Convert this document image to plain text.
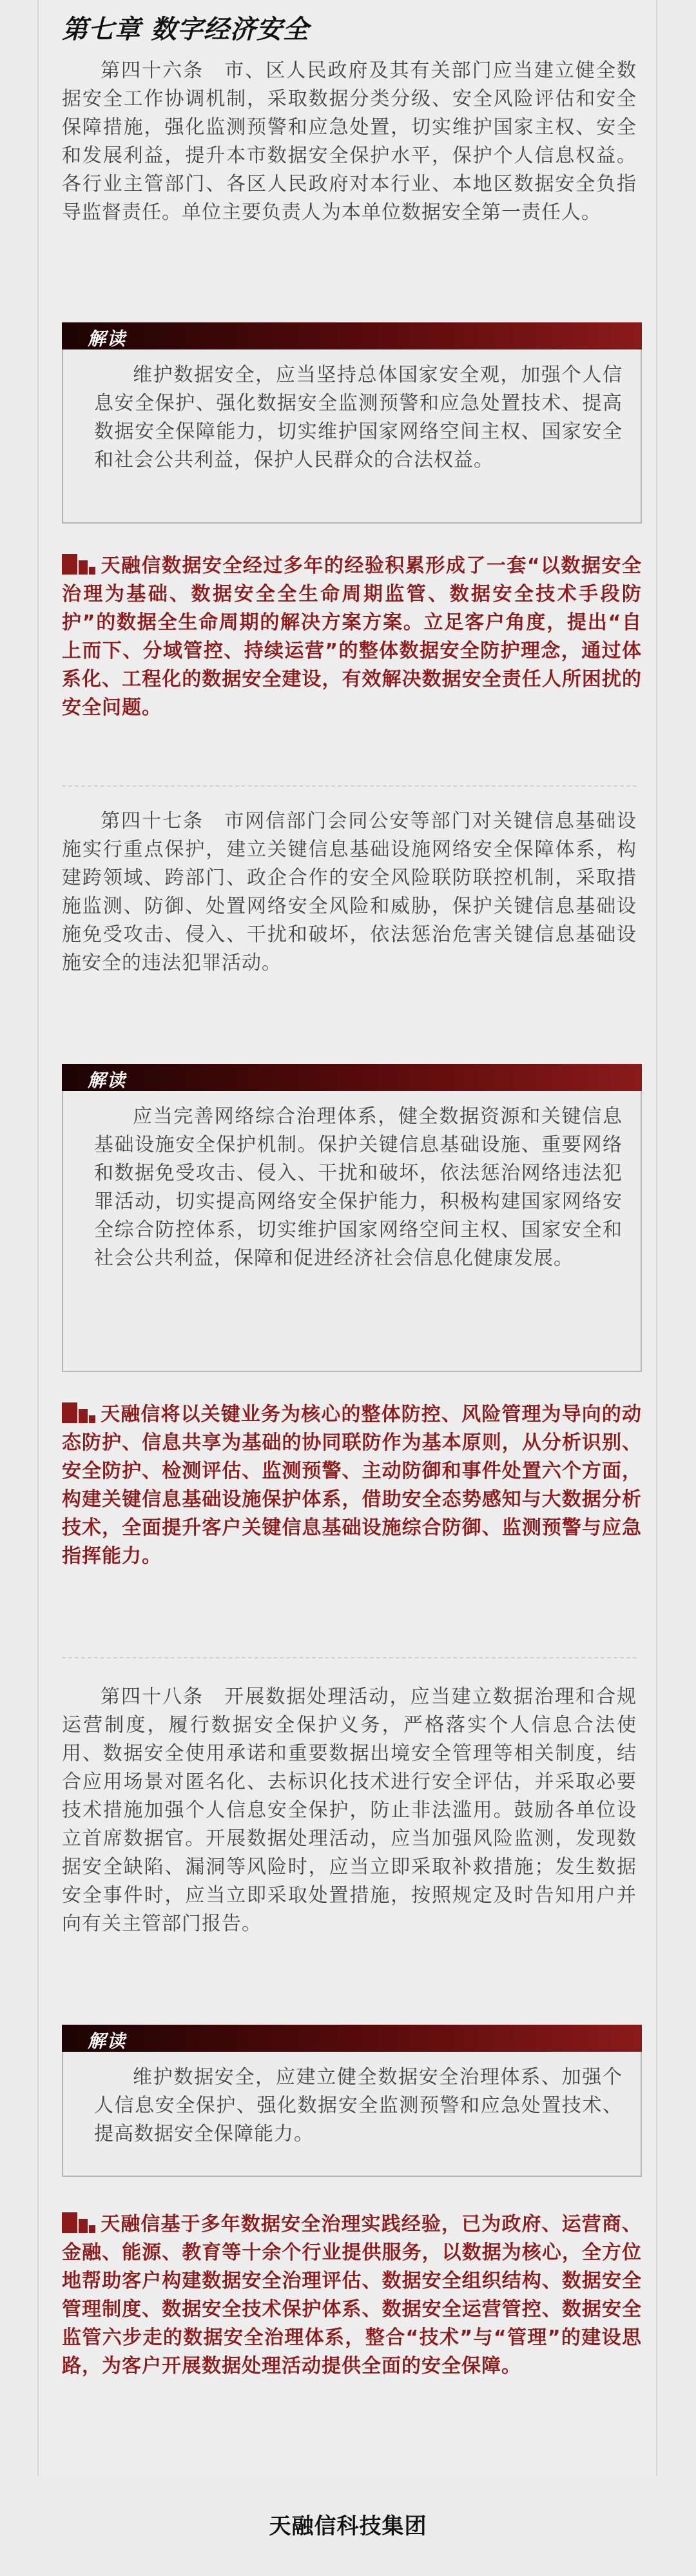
第七章 数字经济安全

第四十六条　市、区人民政府及其有关部门应当建立健全数据安全工作协调机制，采取数据分类分级、安全风险评估和安全保障措施，强化监测预警和应急处置，切实维护国家主权、安全和发展利益，提升本市数据安全保护水平，保护个人信息权益。各行业主管部门、各区人民政府对本行业、本地区数据安全负指导监督责任。单位主要负责人为本单位数据安全第一责任人。

解读

维护数据安全，应当坚持总体国家安全观，加强个人信息安全保护、强化数据安全监测预警和应急处置技术、提高数据安全保障能力，切实维护国家网络空间主权、国家安全和社会公共利益，保护人民群众的合法权益。

天融信数据安全经过多年的经验积累形成了一套“以数据安全治理为基础、数据安全全生命周期监管、数据安全技术手段防护”的数据全生命周期的解决方案方案。立足客户角度，提出“自上而下、分域管控、持续运营”的整体数据安全防护理念，通过体系化、工程化的数据安全建设，有效解决数据安全责任人所困扰的安全问题。

第四十七条　市网信部门会同公安等部门对关键信息基础设施实行重点保护，建立关键信息基础设施网络安全保障体系，构建跨领域、跨部门、政企合作的安全风险联防联控机制，采取措施监测、防御、处置网络安全风险和威胁，保护关键信息基础设施免受攻击、侵入、干扰和破坏，依法惩治危害关键信息基础设施安全的违法犯罪活动。

解读

应当完善网络综合治理体系，健全数据资源和关键信息基础设施安全保护机制。保护关键信息基础设施、重要网络和数据免受攻击、侵入、干扰和破坏，依法惩治网络违法犯罪活动，切实提高网络安全保护能力，积极构建国家网络安全综合防控体系，切实维护国家网络空间主权、国家安全和社会公共利益，保障和促进经济社会信息化健康发展。

天融信将以关键业务为核心的整体防控、风险管理为导向的动态防护、信息共享为基础的协同联防作为基本原则，从分析识别、安全防护、检测评估、监测预警、主动防御和事件处置六个方面，构建关键信息基础设施保护体系，借助安全态势感知与大数据分析技术，全面提升客户关键信息基础设施综合防御、监测预警与应急指挥能力。

第四十八条　开展数据处理活动，应当建立数据治理和合规运营制度，履行数据安全保护义务，严格落实个人信息合法使用、数据安全使用承诺和重要数据出境安全管理等相关制度，结合应用场景对匿名化、去标识化技术进行安全评估，并采取必要技术措施加强个人信息安全保护，防止非法滥用。鼓励各单位设立首席数据官。开展数据处理活动，应当加强风险监测，发现数据安全缺陷、漏洞等风险时，应当立即采取补救措施；发生数据安全事件时，应当立即采取处置措施，按照规定及时告知用户并向有关主管部门报告。

解读

维护数据安全，应建立健全数据安全治理体系、加强个人信息安全保护、强化数据安全监测预警和应急处置技术、提高数据安全保障能力。

天融信基于多年数据安全治理实践经验，已为政府、运营商、金融、能源、教育等十余个行业提供服务，以数据为核心，全方位地帮助客户构建数据安全治理评估、数据安全组织结构、数据安全管理制度、数据安全技术保护体系、数据安全运营管控、数据安全监管六步走的数据安全治理体系，整合“技术”与“管理”的建设思路，为客户开展数据处理活动提供全面的安全保障。

天融信科技集团
